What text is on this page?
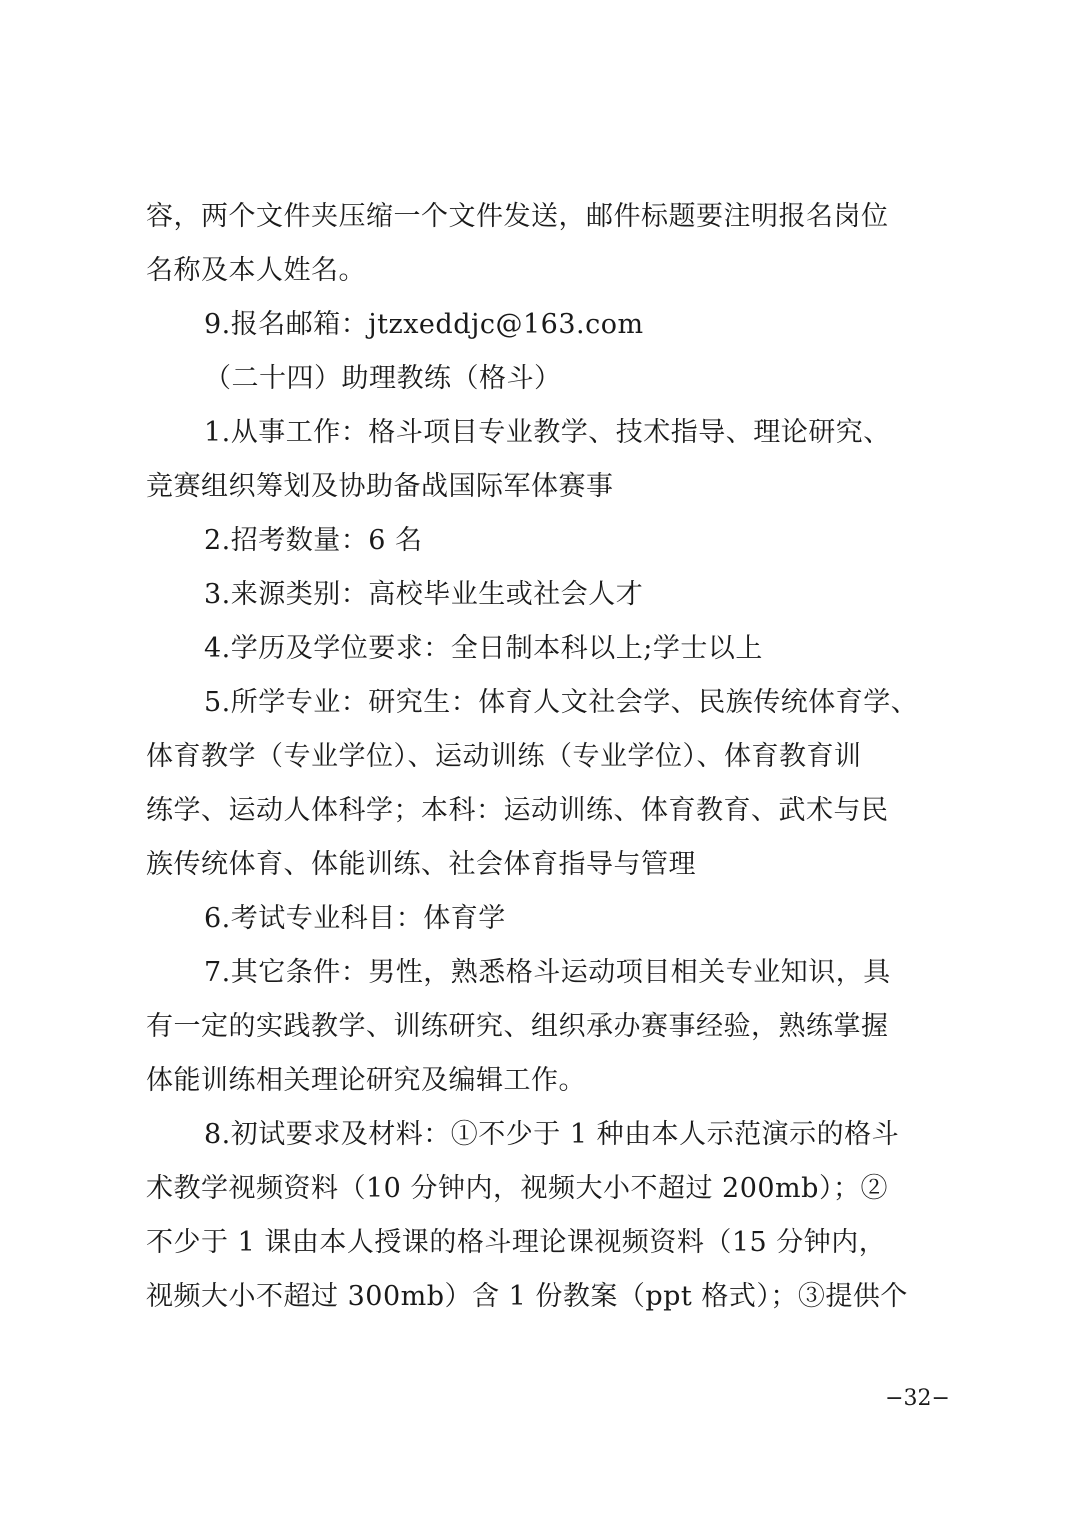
容，两个文件夹压缩一个文件发送，邮件标题要注明报名岗位
名称及本人姓名。
9.报名邮箱：jtzxeddjc@163.com
（二十四）助理教练（格斗）
1.从事工作：格斗项目专业教学、技术指导、理论研究、
竞赛组织筹划及协助备战国际军体赛事
2.招考数量：6 名
3.来源类别：高校毕业生或社会人才
4.学历及学位要求：全日制本科以上;学士以上
5.所学专业：研究生：体育人文社会学、民族传统体育学、
体育教学（专业学位）、运动训练（专业学位）、体育教育训
练学、运动人体科学；本科：运动训练、体育教育、武术与民
族传统体育、体能训练、社会体育指导与管理
6.考试专业科目：体育学
7.其它条件：男性，熟悉格斗运动项目相关专业知识，具
有一定的实践教学、训练研究、组织承办赛事经验，熟练掌握
体能训练相关理论研究及编辑工作。
8.初试要求及材料：①不少于 1 种由本人示范演示的格斗
术教学视频资料（10 分钟内，视频大小不超过 200mb）；②
不少于 1 课由本人授课的格斗理论课视频资料（15 分钟内，
视频大小不超过 300mb）含 1 份教案（ppt 格式）；③提供个
−32−
